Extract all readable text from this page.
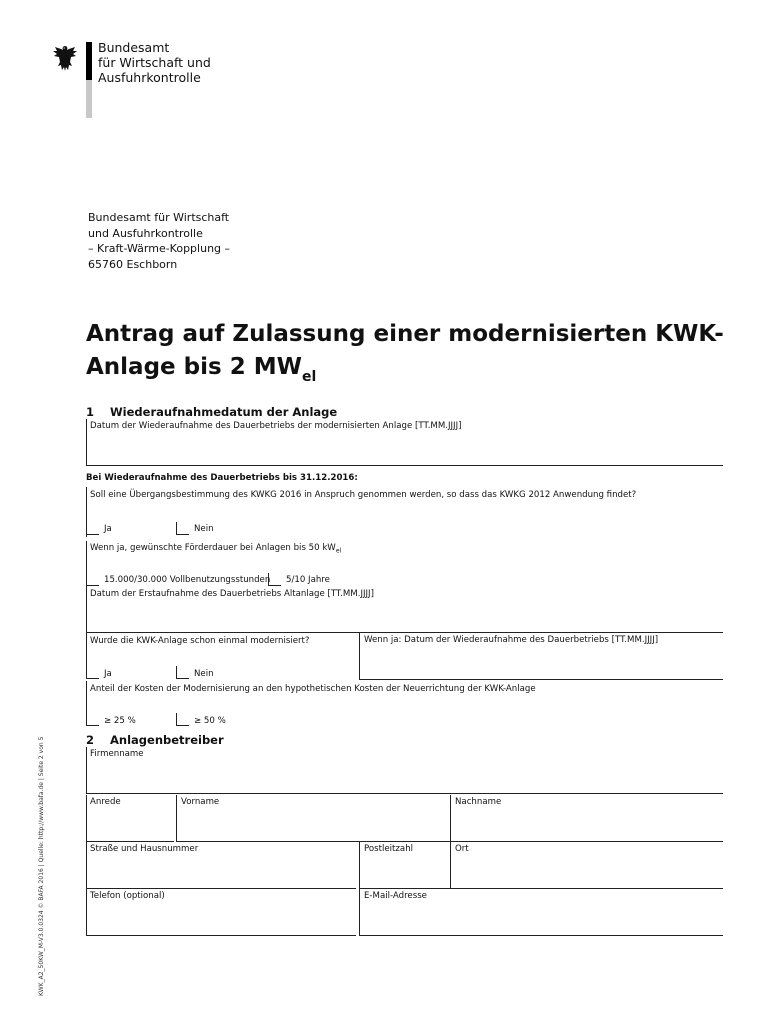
Bundesamt
für Wirtschaft und
Ausfuhrkontrolle
Bundesamt für Wirtschaft
und Ausfuhrkontrolle
– Kraft-Wärme-Kopplung –
65760 Eschborn
Antrag auf Zulassung einer modernisierten KWK-
Anlage bis 2 $MW_{el}$
1 Wiederaufnahmedatum der Anlage
Datum der Wiederaufnahme des Dauerbetriebs der modernisierten Anlage [TT.MM.JJJJ]
Bei Wiederaufnahme des Dauerbetriebs bis 31.12.2016:
Soll eine Übergangsbestimmung des KWKG 2016 in Anspruch genommen werden, so dass das KWKG 2012 Anwendung findet?
Ja	Nein
Wenn ja, gewünschte Förderdauer bei Anlagen bis 50 $kW_{el}$
15.000/30.000 Vollbenutzungsstunden 5/10 Jahre
Datum der Erstaufnahme des Dauerbetriebs Altanlage [TT.MM.JJJJ]
Wurde die KWK-Anlage schon einmal modernisiert?	Wenn ja: Datum der Wiederaufnahme des Dauerbetriebs [TT.MM.JJJJ]
Ja	Nein
Anteil der Kosten der Modernisierung an den hypothetischen Kosten der Neuerrichtung der KWK-Anlage
≥ 25 %	≥ 50 %
2 Anlagenbetreiber
Firmenname
Anrede	Vorname	Nachname
Straße und Hausnummer	Postleitzahl	Ort
Telefon (optional)	E-Mail-Adresse
KWK_A2_50KW_M-V3.0.0324 © BAFA 2016 | Quelle: http://www.bafa.de | Seite 2 von 5
